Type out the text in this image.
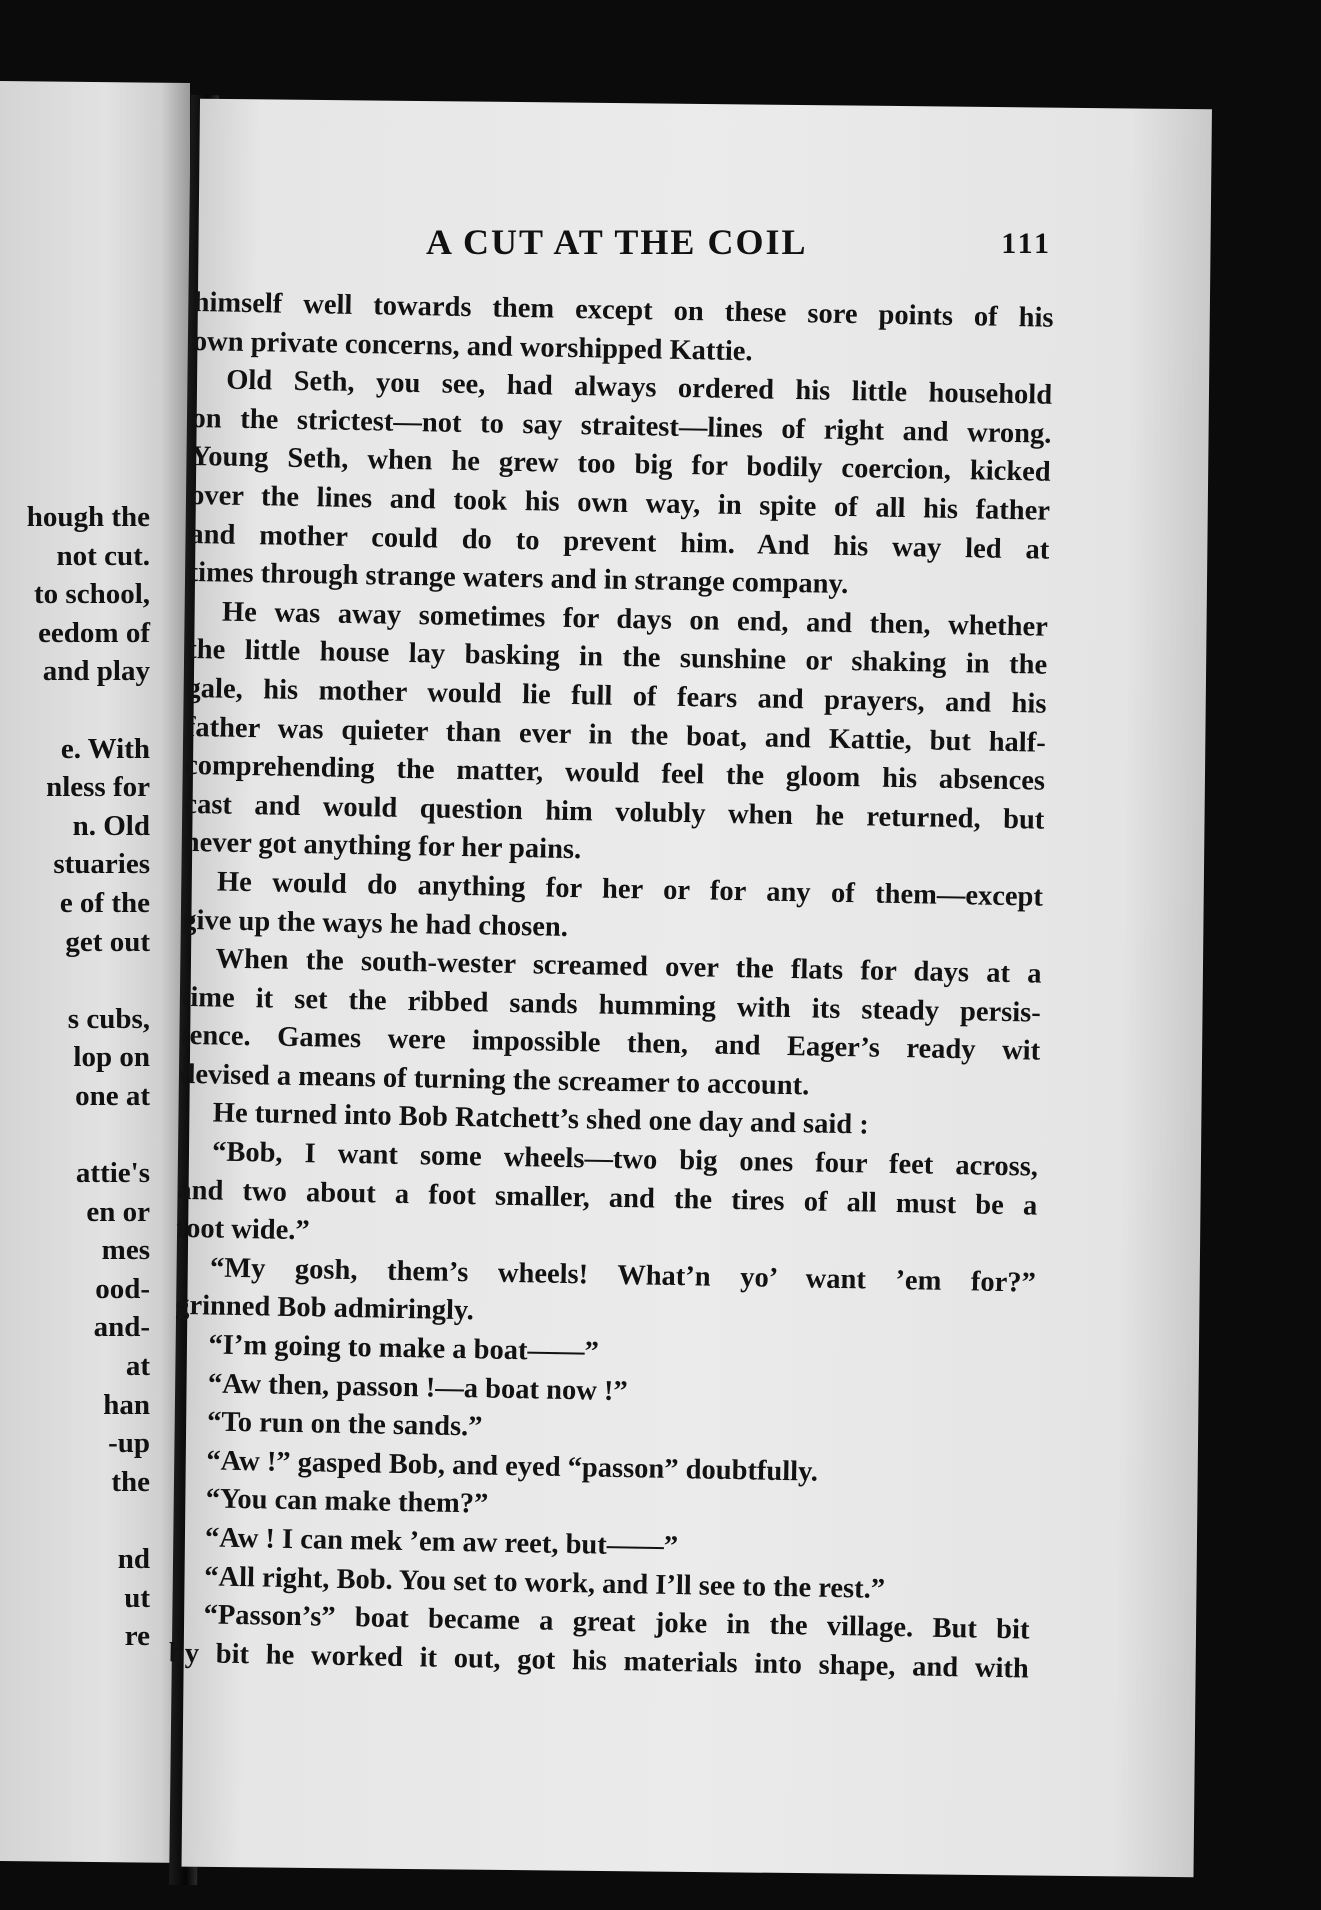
hough the
not cut.
to school,
eedom of
and play
e. With
nless for
n. Old
stuaries
e of the
get out
s cubs,
lop on
one at
attie's
en or
mes
ood-
and-
at
han
-up
the
nd
ut
re
A CUT AT THE COIL	111
himself well towards them except on these sore points of his
own private concerns, and worshipped Kattie.
Old Seth, you see, had always ordered his little household
on the strictest—not to say straitest—lines of right and wrong.
Young Seth, when he grew too big for bodily coercion, kicked
over the lines and took his own way, in spite of all his father
and mother could do to prevent him. And his way led at
times through strange waters and in strange company.
He was away sometimes for days on end, and then, whether
the little house lay basking in the sunshine or shaking in the
gale, his mother would lie full of fears and prayers, and his
father was quieter than ever in the boat, and Kattie, but half-
comprehending the matter, would feel the gloom his absences
cast and would question him volubly when he returned, but
never got anything for her pains.
He would do anything for her or for any of them—except
give up the ways he had chosen.
When the south-wester screamed over the flats for days at a
time it set the ribbed sands humming with its steady persis-
tence. Games were impossible then, and Eager’s ready wit
devised a means of turning the screamer to account.
He turned into Bob Ratchett’s shed one day and said :
“Bob, I want some wheels—two big ones four feet across,
and two about a foot smaller, and the tires of all must be a
foot wide.”
“My gosh, them’s wheels! What’n yo’ want ’em for?”
grinned Bob admiringly.
“I’m going to make a boat——”
“Aw then, passon !—a boat now !”
“To run on the sands.”
“Aw !” gasped Bob, and eyed “passon” doubtfully.
“You can make them?”
“Aw ! I can mek ’em aw reet, but——”
“All right, Bob. You set to work, and I’ll see to the rest.”
“Passon’s” boat became a great joke in the village. But bit
by bit he worked it out, got his materials into shape, and with
